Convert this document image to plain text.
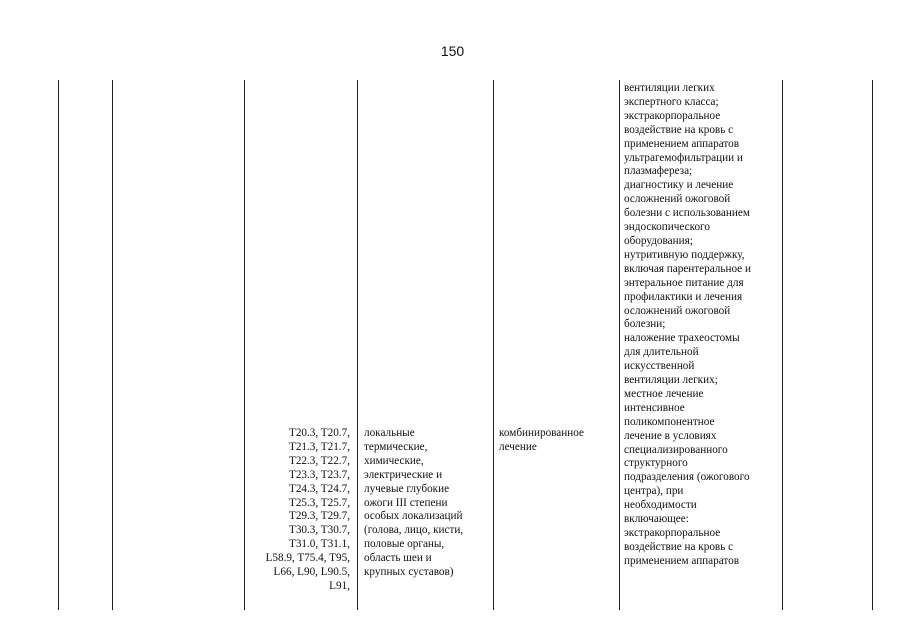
150
T20.3, T20.7,
T21.3, T21.7,
T22.3, T22.7,
T23.3, T23.7,
T24.3, T24.7,
T25.3, T25.7,
T29.3, T29.7,
T30.3, T30.7,
T31.0, T31.1,
L58.9, T75.4, T95,
L66, L90, L90.5,
L91,
локальные
термические,
химические,
электрические и
лучевые глубокие
ожоги III степени
особых локализаций
(голова, лицо, кисти,
половые органы,
область шеи и
крупных суставов)
комбинированное
лечение
вентиляции легких
экспертного класса;
экстракорпоральное
воздействие на кровь с
применением аппаратов
ультрагемофильтрации и
плазмафереза;
диагностику и лечение
осложнений ожоговой
болезни с использованием
эндоскопического
оборудования;
нутритивную поддержку,
включая парентеральное и
энтеральное питание для
профилактики и лечения
осложнений ожоговой
болезни;
наложение трахеостомы
для длительной
искусственной
вентиляции легких;
местное лечение
интенсивное
поликомпонентное
лечение в условиях
специализированного
структурного
подразделения (ожогового
центра), при
необходимости
включающее:
экстракорпоральное
воздействие на кровь с
применением аппаратов
